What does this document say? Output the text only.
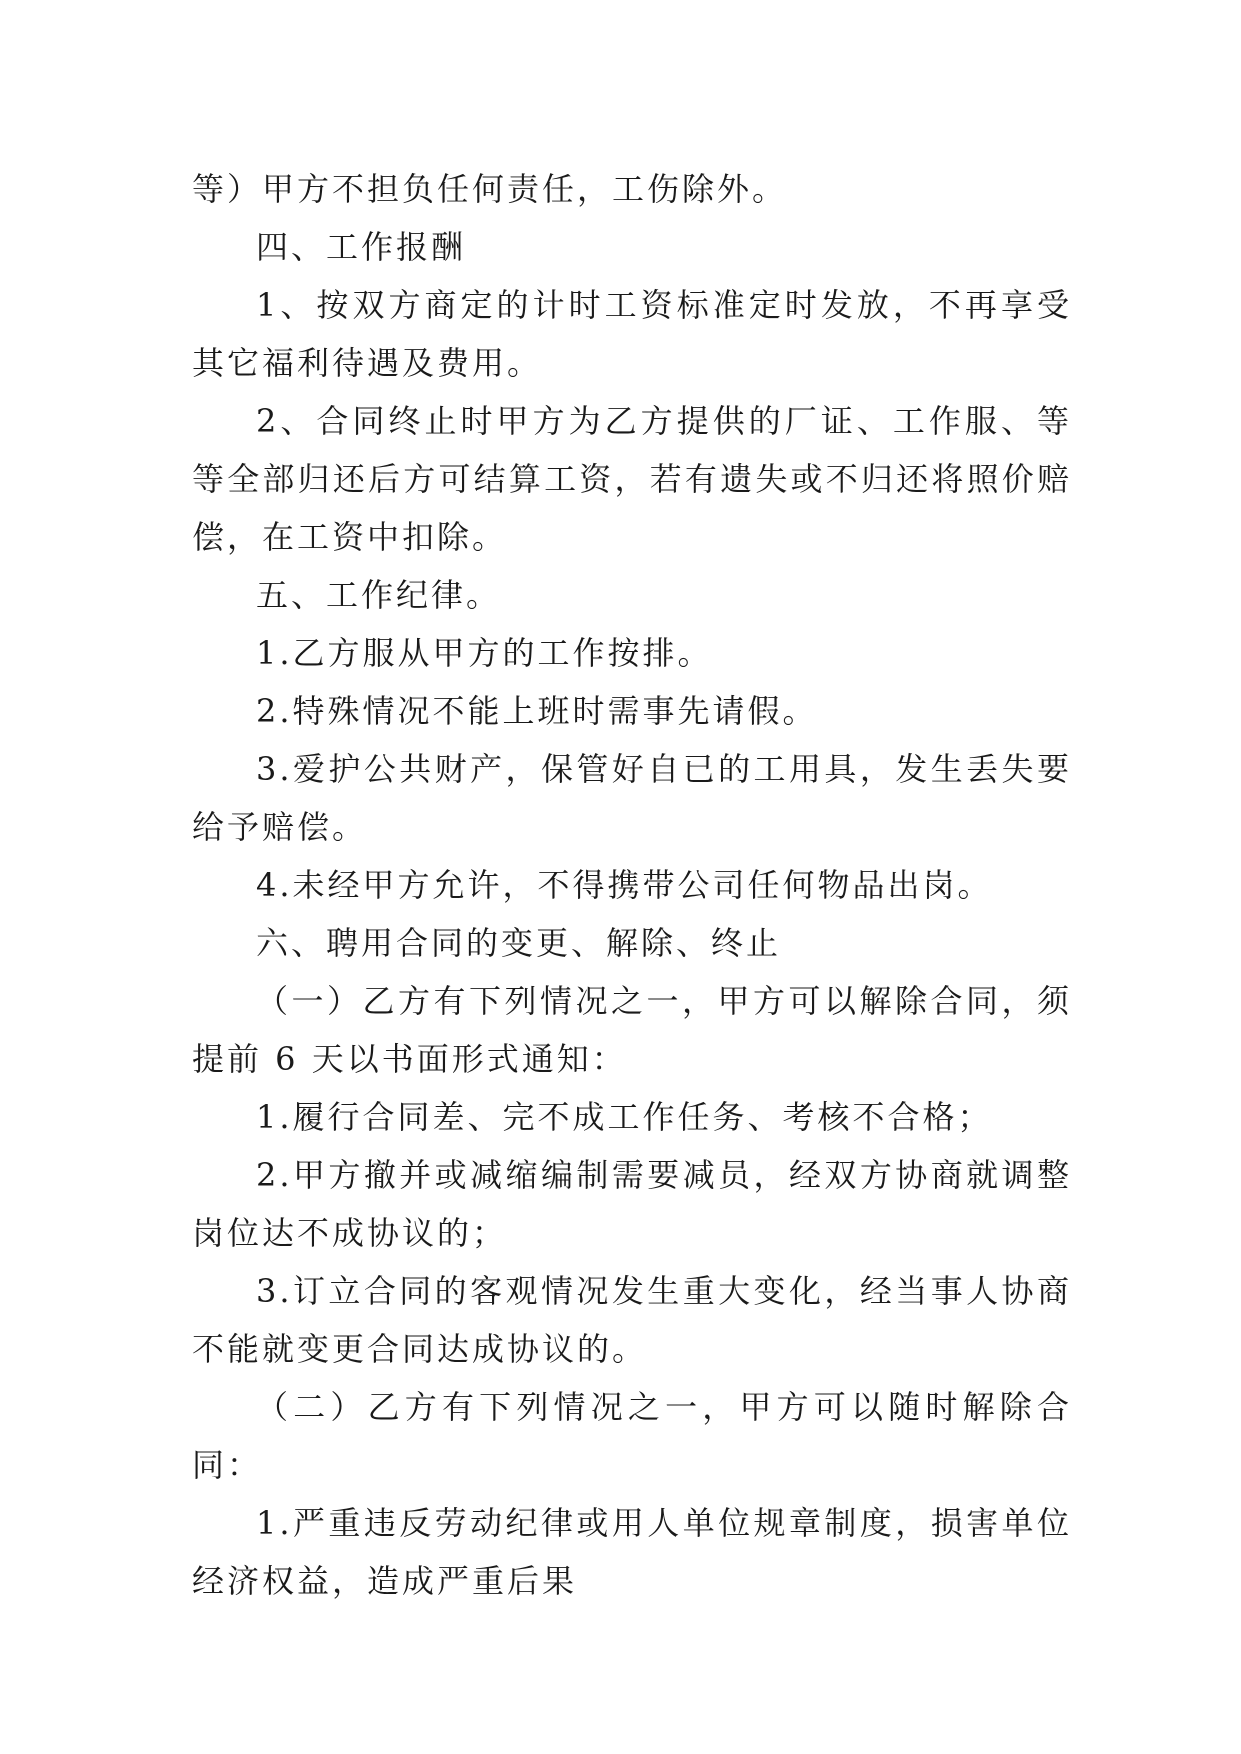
等）甲方不担负任何责任，工伤除外。

四、工作报酬

1、按双方商定的计时工资标准定时发放，不再享受其它福利待遇及费用。

2、合同终止时甲方为乙方提供的厂证、工作服、等等全部归还后方可结算工资，若有遗失或不归还将照价赔偿，在工资中扣除。

五、工作纪律。

1.乙方服从甲方的工作按排。

2.特殊情况不能上班时需事先请假。

3.爱护公共财产，保管好自已的工用具，发生丢失要给予赔偿。

4.未经甲方允许，不得携带公司任何物品出岗。

六、聘用合同的变更、解除、终止

（一）乙方有下列情况之一，甲方可以解除合同，须提前 6 天以书面形式通知：

1.履行合同差、完不成工作任务、考核不合格；

2.甲方撤并或减缩编制需要减员，经双方协商就调整岗位达不成协议的；

3.订立合同的客观情况发生重大变化，经当事人协商不能就变更合同达成协议的。

（二）乙方有下列情况之一，甲方可以随时解除合同：

1.严重违反劳动纪律或用人单位规章制度，损害单位经济权益，造成严重后果
